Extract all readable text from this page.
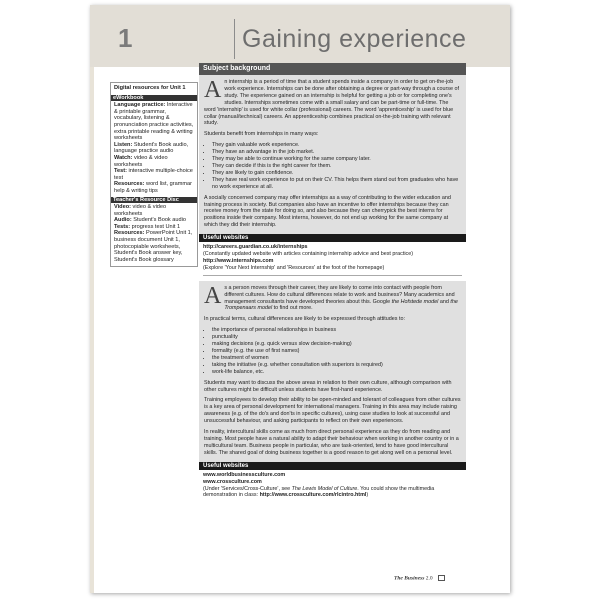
1	Gaining experience
Digital resources for Unit 1
eWorkbook
Language practice: Interactive & printable grammar, vocabulary, listening & pronunciation practice activities, extra printable reading & writing worksheets
Listen: Student's Book audio, language practice audio
Watch: video & video worksheets
Test: interactive multiple-choice test
Resources: word list, grammar help & writing tips
Teacher's Resource Disc
Video: video & video worksheets
Audio: Student's Book audio
Tests: progress test Unit 1
Resources: PowerPoint Unit 1, business document Unit 1, photocopiable worksheets, Student's Book answer key, Student's Book glossary
Subject background

An internship is a period of time that a student spends inside a company in order to get on-the-job work experience. Internships can be done after obtaining a degree or part-way through a course of study. The experience gained on an internship is helpful for getting a job or for completing one's studies. Internships sometimes come with a small salary and can be part-time or full-time. The word 'internship' is used for white collar (professional) careers. The word 'apprenticeship' is used for blue collar (manual/technical) careers. An apprenticeship combines practical on-the-job training with relevant study.

Students benefit from internships in many ways:

• They gain valuable work experience.
• They have an advantage in the job market.
• They may be able to continue working for the same company later.
• They can decide if this is the right career for them.
• They are likely to gain confidence.
• They have real work experience to put on their CV. This helps them stand out from graduates who have no work experience at all.

A socially concerned company may offer internships as a way of contributing to the wider education and training process in society. But companies also have an incentive to offer internships because they can receive money from the state for doing so, and also because they can cherrypick the best interns for positions inside their company. Most interns, however, do not end up working for the same company at which they did their internship.

Useful websites
http://careers.guardian.co.uk/internships
(Constantly updated website with articles containing internship advice and best practice)
http://www.internships.com
(Explore 'Your Next Internship' and 'Resources' at the foot of the homepage)

As a person moves through their career, they are likely to come into contact with people from different cultures. How do cultural differences relate to work and business? Many academics and management consultants have developed theories about this. Google the Hofstede model and the Trompenaars model to find out more.

In practical terms, cultural differences are likely to be expressed through attitudes to:

• the importance of personal relationships in business
• punctuality
• making decisions (e.g. quick versus slow decision-making)
• formality (e.g. the use of first names)
• the treatment of women
• taking the initiative (e.g. whether consultation with superiors is required)
• work-life balance, etc.

Students may want to discuss the above areas in relation to their own culture, although comparison with other cultures might be difficult unless students have first-hand experience.

Training employees to develop their ability to be open-minded and tolerant of colleagues from other cultures is a key area of personal development for international managers. Training in this area may include raising awareness (e.g. of the do's and don'ts in specific cultures), using case studies to look at successful and unsuccessful behaviour, and asking participants to reflect on their own experiences.

In reality, intercultural skills come as much from direct personal experience as they do from reading and training. Most people have a natural ability to adapt their behaviour when working in another country or in a multicultural team. Business people in particular, who are task-oriented, tend to have good intercultural skills. The shared goal of doing business together is a good reason to get along well on a personal level.

Useful websites
www.worldbusinessculture.com
www.crossculture.com
(Under 'Services/Cross-Culture', see The Lewis Model of Culture. You could show the multimedia demonstration in class: http://www.crossculture.com/rlcintro.html)
The Business 2.0
